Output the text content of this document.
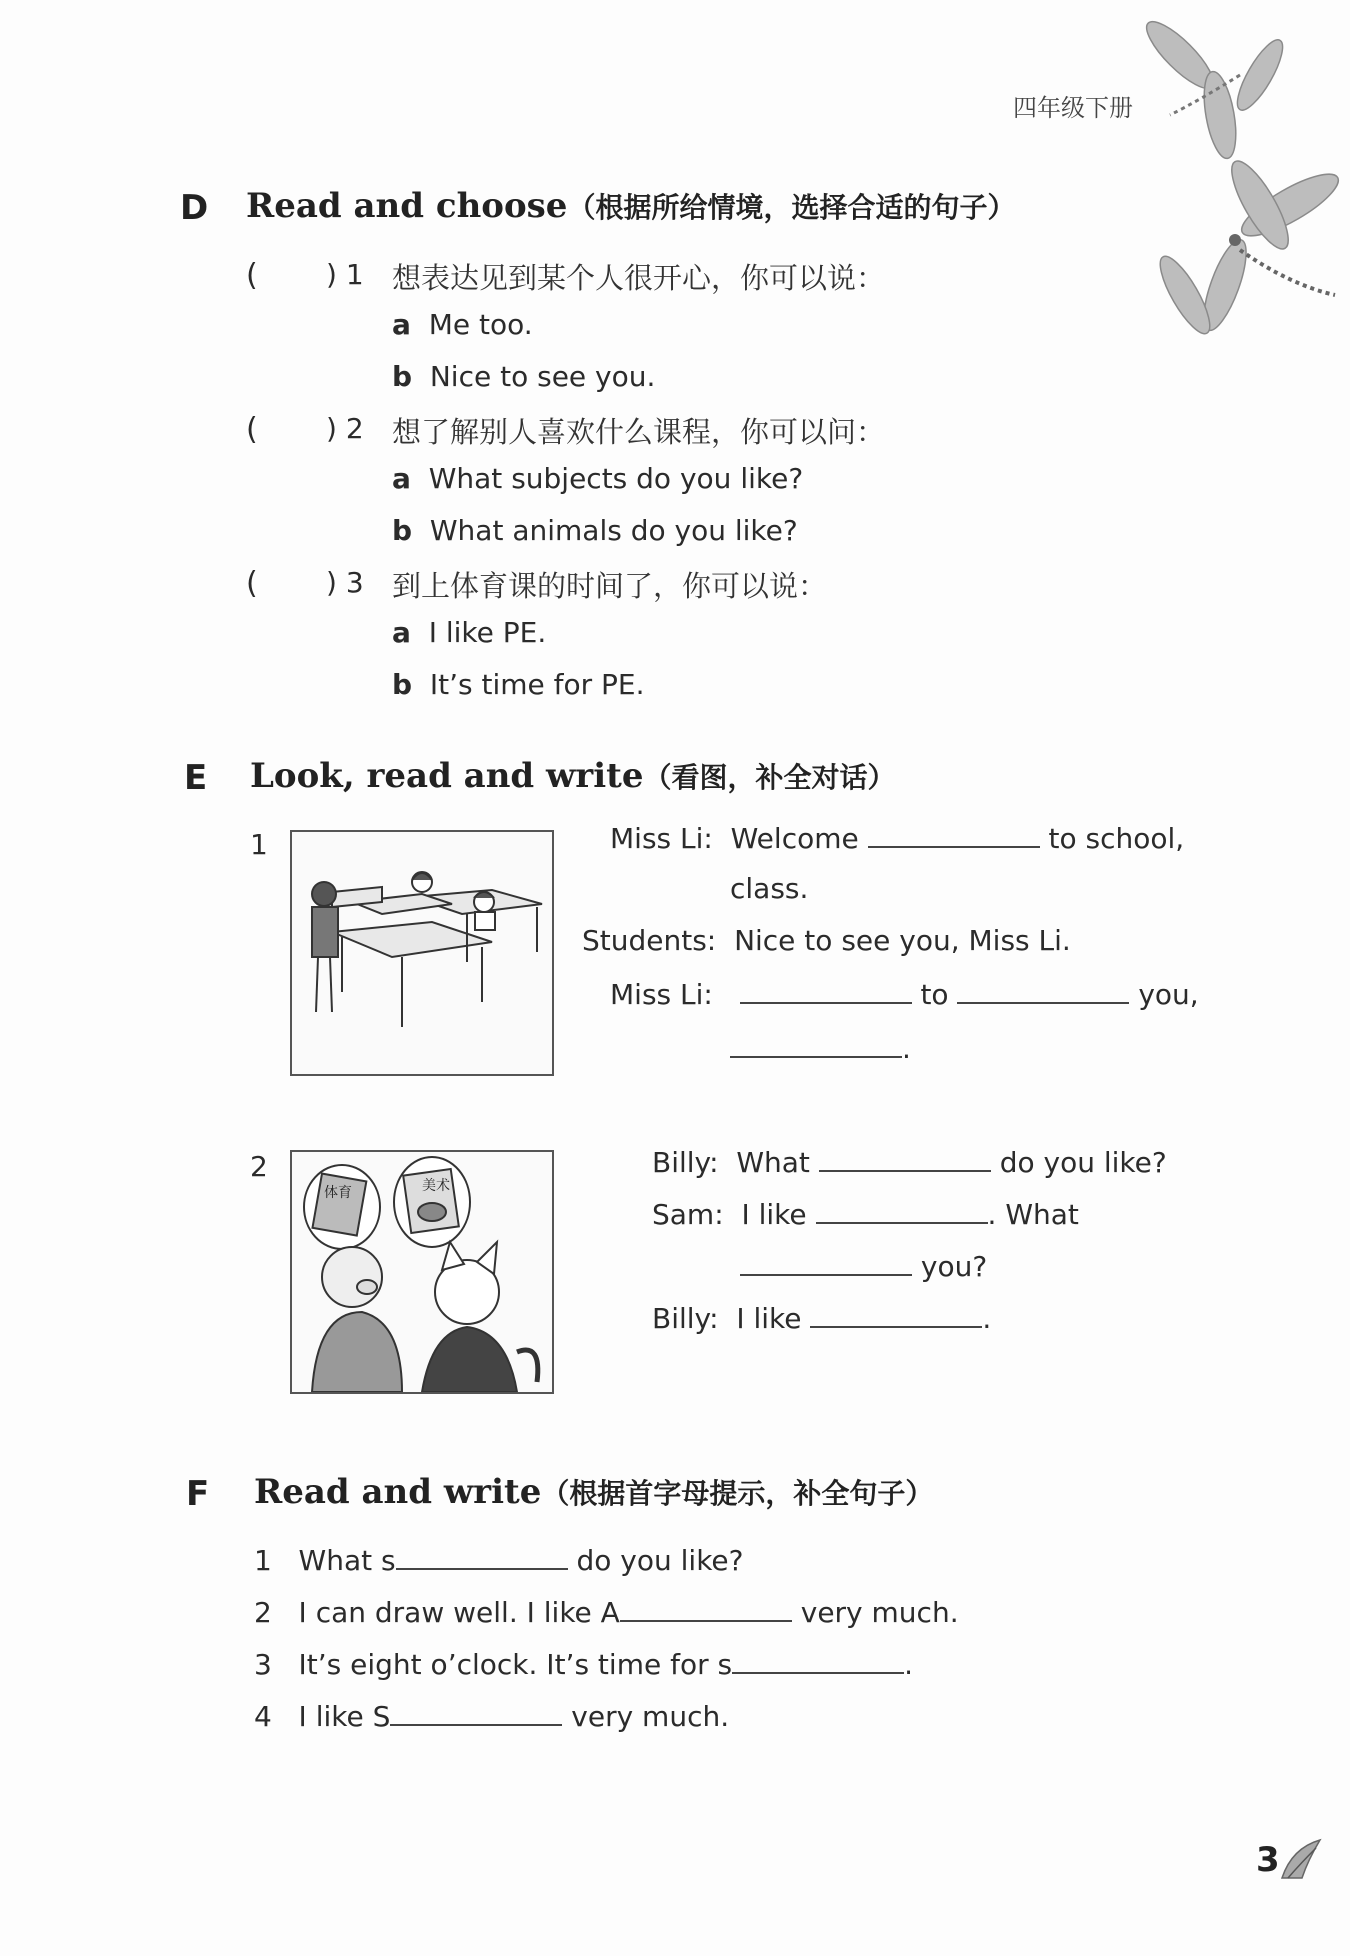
四年级下册
D Read and choose（根据所给情境，选择合适的句子）
( ) 1 想表达见到某个人很开心，你可以说：
a Me too.
b Nice to see you.
( ) 2 想了解别人喜欢什么课程，你可以问：
a What subjects do you like?
b What animals do you like?
( ) 3 到上体育课的时间了，你可以说：
a I like PE.
b It’s time for PE.
E Look, read and write（看图，补全对话）
1	Miss Li: Welcome	to school,
class.
Students: Nice to see you, Miss Li.
Miss Li:	to	you,
.
2
体育	美术
Billy: What	do you like?
Sam: I like	. What
you?
Billy: I like	.
F Read and write（根据首字母提示，补全句子）
1 What s	do you like?
2 I can draw well. I like A	very much.
3 It’s eight o’clock. It’s time for s	.
4 I like S	very much.
3
